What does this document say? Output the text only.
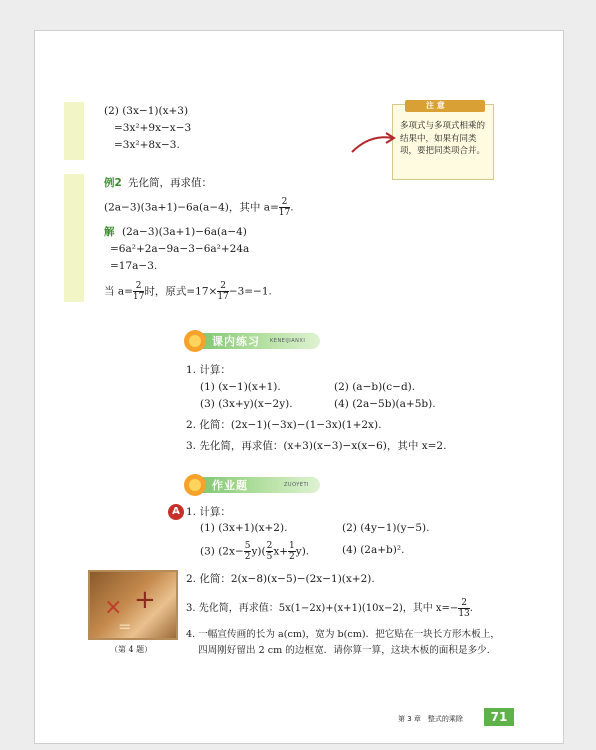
(2) (3x−1)(x+3)
=3x²+9x−x−3
=3x²+8x−3.
注 意
多项式与多项式相乘的结果中，如果有同类项，要把同类项合并。
例2 先化简，再求值：
(2a−3)(3a+1)−6a(a−4)，其中 $a= \frac{2}{17}$ .
解 (2a−3)(3a+1)−6a(a−4)
=6a²+2a−9a−3−6a²+24a
=17a−3.
当 $a= \frac{2}{17}$ 时，原式$=17\times \frac{2}{17} -3=-1$.
课内练习 KENEIJIANXI
1. 计算：
(1) (x−1)(x+1).	(2) (a−b)(c−d).
(3) (3x+y)(x−2y).	(4) (2a−5b)(a+5b).
2. 化简：(2x−1)(−3x)−(1−3x)(1+2x).
3. 先化简，再求值：(x+3)(x−3)−x(x−6)，其中 x=2.
作业题	ZUOYETI
A 1. 计算：
(1) (3x+1)(x+2).	(2) (4y−1)(y−5).
(3) $(2x- \frac{5}{2} y)( \frac{2}{5} x+ \frac{1}{2} y)$.	(4) (2a+b)².
2. 化简：2(x−8)(x−5)−(2x−1)(x+2).
3. 先化简，再求值：5x(1−2x)+(x+1)(10x−2)，其中 $x=- \frac{2}{13}$ .
4. 一幅宣传画的长为 a(cm)，宽为 b(cm)．把它贴在一块长方形木板上，
四周刚好留出 2 cm 的边框宽．请你算一算，这块木板的面积是多少．
× +
=
（第 4 题）
第 3 章　整式的乘除	71
